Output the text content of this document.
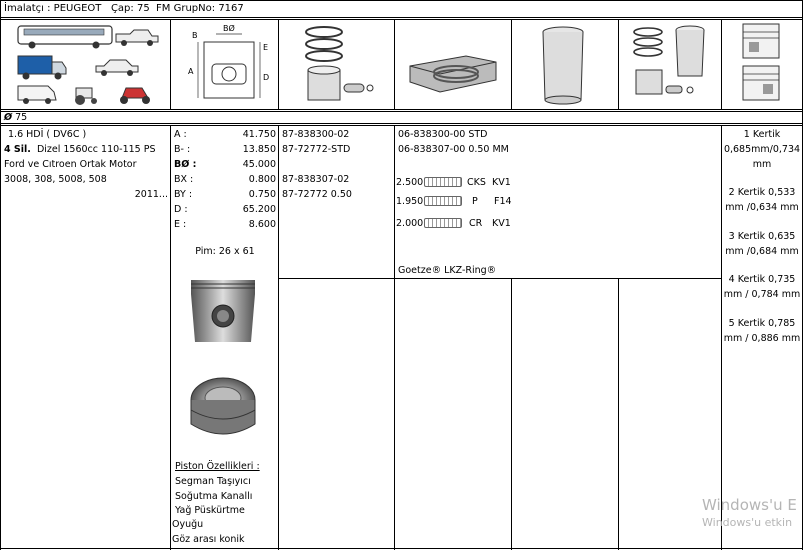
İmalatçı : PEUGEOT Çap: 75 FM GrupNo: 7167
B
BØ
E
A
D
Ø 75
1.6 HDİ ( DV6C )
4 Sil. Dizel 1560cc 110-115 PS
Ford ve Cıtroen Ortak Motor
3008, 308, 5008, 508
2011...
A :	41.750
B- :	13.850
BØ :	45.000
BX :	0.800
BY :	0.750
D :	65.200
E :	8.600
Pim: 26 x 61
Piston Özellikleri :
Segman Taşıyıcı
Soğutma Kanallı
Yağ Püskürtme
Oyuğu
Göz arası konik
87-838300-02
87-72772-STD
87-838307-02
87-72772 0.50
06-838300-00 STD
06-838307-00 0.50 MM
2.500	CKS KV1
1.950	P F14
2.000	CR KV1
Goetze® LKZ-Ring®
1 Kertik
0,685mm/0,734
mm
2 Kertik 0,533
mm /0,634 mm
3 Kertik 0,635
mm /0,684 mm
4 Kertik 0,735
mm / 0,784 mm
5 Kertik 0,785
mm / 0,886 mm
Windows'u E
Windows'u etkin
